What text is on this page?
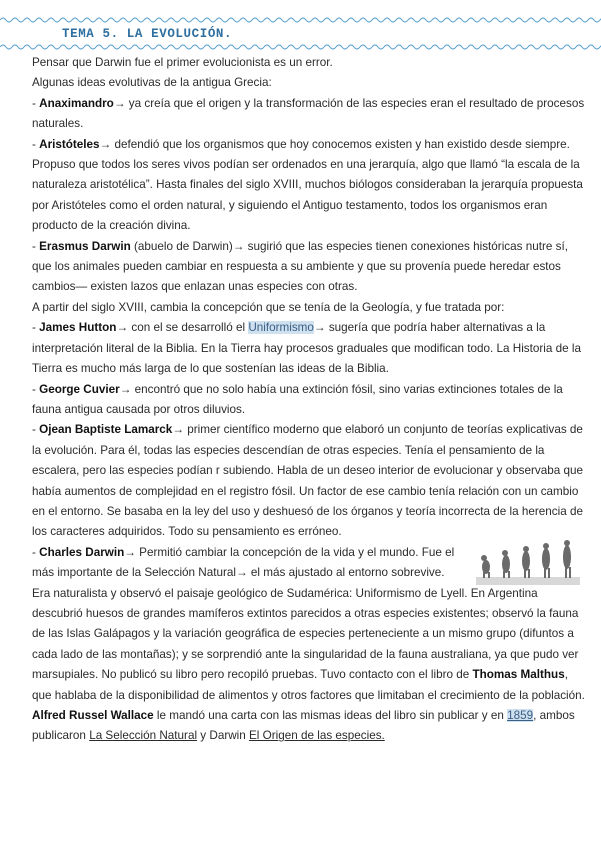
TEMA 5. LA EVOLUCIÓN.

Pensar que Darwin fue el primer evolucionista es un error.

Algunas ideas evolutivas de la antigua Grecia:

- Anaximandro→ ya creía que el origen y la transformación de las especies eran el resultado de procesos naturales.

- Aristóteles→ defendió que los organismos que hoy conocemos existen y han existido desde siempre. Propuso que todos los seres vivos podían ser ordenados en una jerarquía, algo que llamó “la escala de la naturaleza aristotélica”. Hasta finales del siglo XVIII, muchos biólogos consideraban la jerarquía propuesta por Aristóteles como el orden natural, y siguiendo el Antiguo testamento, todos los organismos eran producto de la creación divina.

- Erasmus Darwin (abuelo de Darwin)→ sugirió que las especies tienen conexiones históricas nutre sí, que los animales pueden cambiar en respuesta a su ambiente y que su provenía puede heredar estos cambios— existen lazos que enlazan unas especies con otras.

A partir del siglo XVIII, cambia la concepción que se tenía de la Geología, y fue tratada por:

- James Hutton→ con el se desarrolló el Uniformismo→ sugería que podría haber alternativas a la interpretación literal de la Biblia. En la Tierra hay procesos graduales que modifican todo. La Historia de la Tierra es mucho más larga de lo que sostenían las ideas de la Biblia.

- George Cuvier→ encontró que no solo había una extinción fósil, sino varias extinciones totales de la fauna antigua causada por otros diluvios.

- Ojean Baptiste Lamarck→ primer científico moderno que elaboró un conjunto de teorías explicativas de la evolución. Para él, todas las especies descendían de otras especies. Tenía el pensamiento de la escalera, pero las especies podían r subiendo. Habla de un deseo interior de evolucionar y observaba que había aumentos de complejidad en el registro fósil. Un factor de ese cambio tenía relación con un cambio en el entorno. Se basaba en la ley del uso y deshuesó de los órganos y teoría incorrecta de la herencia de los caracteres adquiridos. Todo su pensamiento es erróneo.

- Charles Darwin→ Permitió cambiar la concepción de la vida y el mundo. Fue el más importante de la Selección Natural→ el más ajustado al entorno sobrevive.
Era naturalista y observó el paisaje geológico de Sudamérica: Uniformismo de Lyell. En Argentina descubrió huesos de grandes mamíferos extintos parecidos a otras especies existentes; observó la fauna de las Islas Galápagos y la variación geográfica de especies perteneciente a un mismo grupo (difuntos a cada lado de las montañas); y se sorprendió ante la singularidad de la fauna australiana, ya que pudo ver marsupiales. No publicó su libro pero recopiló pruebas. Tuvo contacto con el libro de Thomas Malthus, que hablaba de la disponibilidad de alimentos y otros factores que limitaban el crecimiento de la población. Alfred Russel Wallace le mandó una carta con las mismas ideas del libro sin publicar y en 1859, ambos publicaron La Selección Natural y Darwin El Origen de las especies.
